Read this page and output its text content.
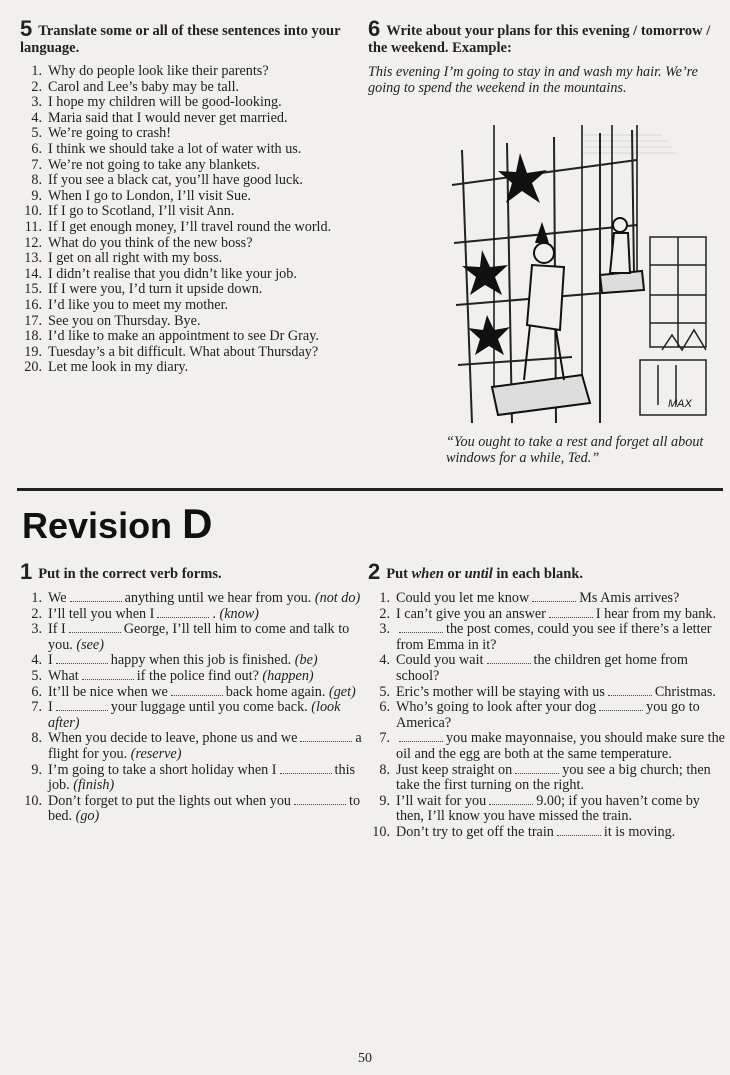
5 Translate some or all of these sentences into your language.
1. Why do people look like their parents?
2. Carol and Lee’s baby may be tall.
3. I hope my children will be good-looking.
4. Maria said that I would never get married.
5. We’re going to crash!
6. I think we should take a lot of water with us.
7. We’re not going to take any blankets.
8. If you see a black cat, you’ll have good luck.
9. When I go to London, I’ll visit Sue.
10. If I go to Scotland, I’ll visit Ann.
11. If I get enough money, I’ll travel round the world.
12. What do you think of the new boss?
13. I get on all right with my boss.
14. I didn’t realise that you didn’t like your job.
15. If I were you, I’d turn it upside down.
16. I’d like you to meet my mother.
17. See you on Thursday. Bye.
18. I’d like to make an appointment to see Dr Gray.
19. Tuesday’s a bit difficult. What about Thursday?
20. Let me look in my diary.
6 Write about your plans for this evening / tomorrow / the weekend. Example:
This evening I’m going to stay in and wash my hair. We’re going to spend the weekend in the mountains.
MAX
“You ought to take a rest and forget all about windows for a while, Ted.”
Revision D
1 Put in the correct verb forms.
1. We	anything until we hear from you. (not do)
2. I’ll tell you when I	. (know)
3. If I	George, I’ll tell him to come and talk to you. (see)
4. I	happy when this job is finished. (be)
5. What	if the police find out? (happen)
6. It’ll be nice when we	back home again. (get)
7. I	your luggage until you come back. (look after)
8. When you decide to leave, phone us and we	a flight for you. (reserve)
9. I’m going to take a short holiday when I	this job. (finish)
10. Don’t forget to put the lights out when you	to bed. (go)
2 Put when or until in each blank.
1. Could you let me know	Ms Amis arrives?
2. I can’t give you an answer	I hear from my bank.
3.	the post comes, could you see if there’s a letter from Emma in it?
4. Could you wait	the children get home from school?
5. Eric’s mother will be staying with us	Christmas.
6. Who’s going to look after your dog	you go to America?
7.	you make mayonnaise, you should make sure the oil and the egg are both at the same temperature.
8. Just keep straight on	you see a big church; then take the first turning on the right.
9. I’ll wait for you	9.00; if you haven’t come by then, I’ll know you have missed the train.
10. Don’t try to get off the train	it is moving.
50
